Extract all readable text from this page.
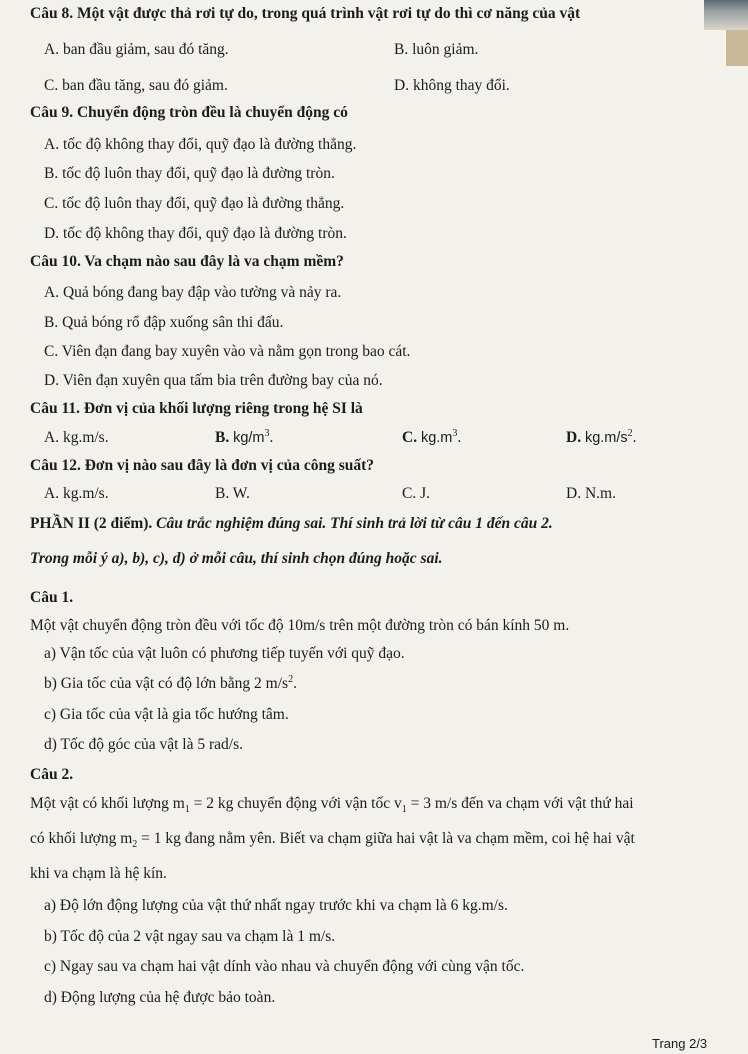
Câu 8. Một vật được thả rơi tự do, trong quá trình vật rơi tự do thì cơ năng của vật
A. ban đầu giảm, sau đó tăng.	B. luôn giảm.
C. ban đầu tăng, sau đó giảm.	D. không thay đổi.
Câu 9. Chuyển động tròn đều là chuyển động có
A. tốc độ không thay đổi, quỹ đạo là đường thẳng.
B. tốc độ luôn thay đổi, quỹ đạo là đường tròn.
C. tốc độ luôn thay đổi, quỹ đạo là đường thẳng.
D. tốc độ không thay đổi, quỹ đạo là đường tròn.
Câu 10. Va chạm nào sau đây là va chạm mềm?
A. Quả bóng đang bay đập vào tường và nảy ra.
B. Quả bóng rổ đập xuống sân thi đấu.
C. Viên đạn đang bay xuyên vào và nằm gọn trong bao cát.
D. Viên đạn xuyên qua tấm bia trên đường bay của nó.
Câu 11. Đơn vị của khối lượng riêng trong hệ SI là
A. kg.m/s.	B. $kg/m^3$.	C. $kg.m^3$.	D. $kg.m/s^2$.
Câu 12. Đơn vị nào sau đây là đơn vị của công suất?
A. kg.m/s.	B. W.	C. J.	D. N.m.
PHẦN II (2 điểm). Câu trắc nghiệm đúng sai. Thí sinh trả lời từ câu 1 đến câu 2.
Trong mỗi ý a), b), c), d) ở mỗi câu, thí sinh chọn đúng hoặc sai.
Câu 1.
Một vật chuyển động tròn đều với tốc độ 10m/s trên một đường tròn có bán kính 50 m.
a) Vận tốc của vật luôn có phương tiếp tuyến với quỹ đạo.
b) Gia tốc của vật có độ lớn bằng 2 $m/s^2$.
c) Gia tốc của vật là gia tốc hướng tâm.
d) Tốc độ góc của vật là 5 rad/s.
Câu 2.
Một vật có khối lượng $m_1 = 2$ kg chuyển động với vận tốc $v_1 = 3$ m/s đến va chạm với vật thứ hai
có khối lượng $m_2 = 1$ kg đang nằm yên. Biết va chạm giữa hai vật là va chạm mềm, coi hệ hai vật
khi va chạm là hệ kín.
a) Độ lớn động lượng của vật thứ nhất ngay trước khi va chạm là 6 kg.m/s.
b) Tốc độ của 2 vật ngay sau va chạm là 1 m/s.
c) Ngay sau va chạm hai vật dính vào nhau và chuyển động với cùng vận tốc.
d) Động lượng của hệ được bảo toàn.
Trang 2/3
